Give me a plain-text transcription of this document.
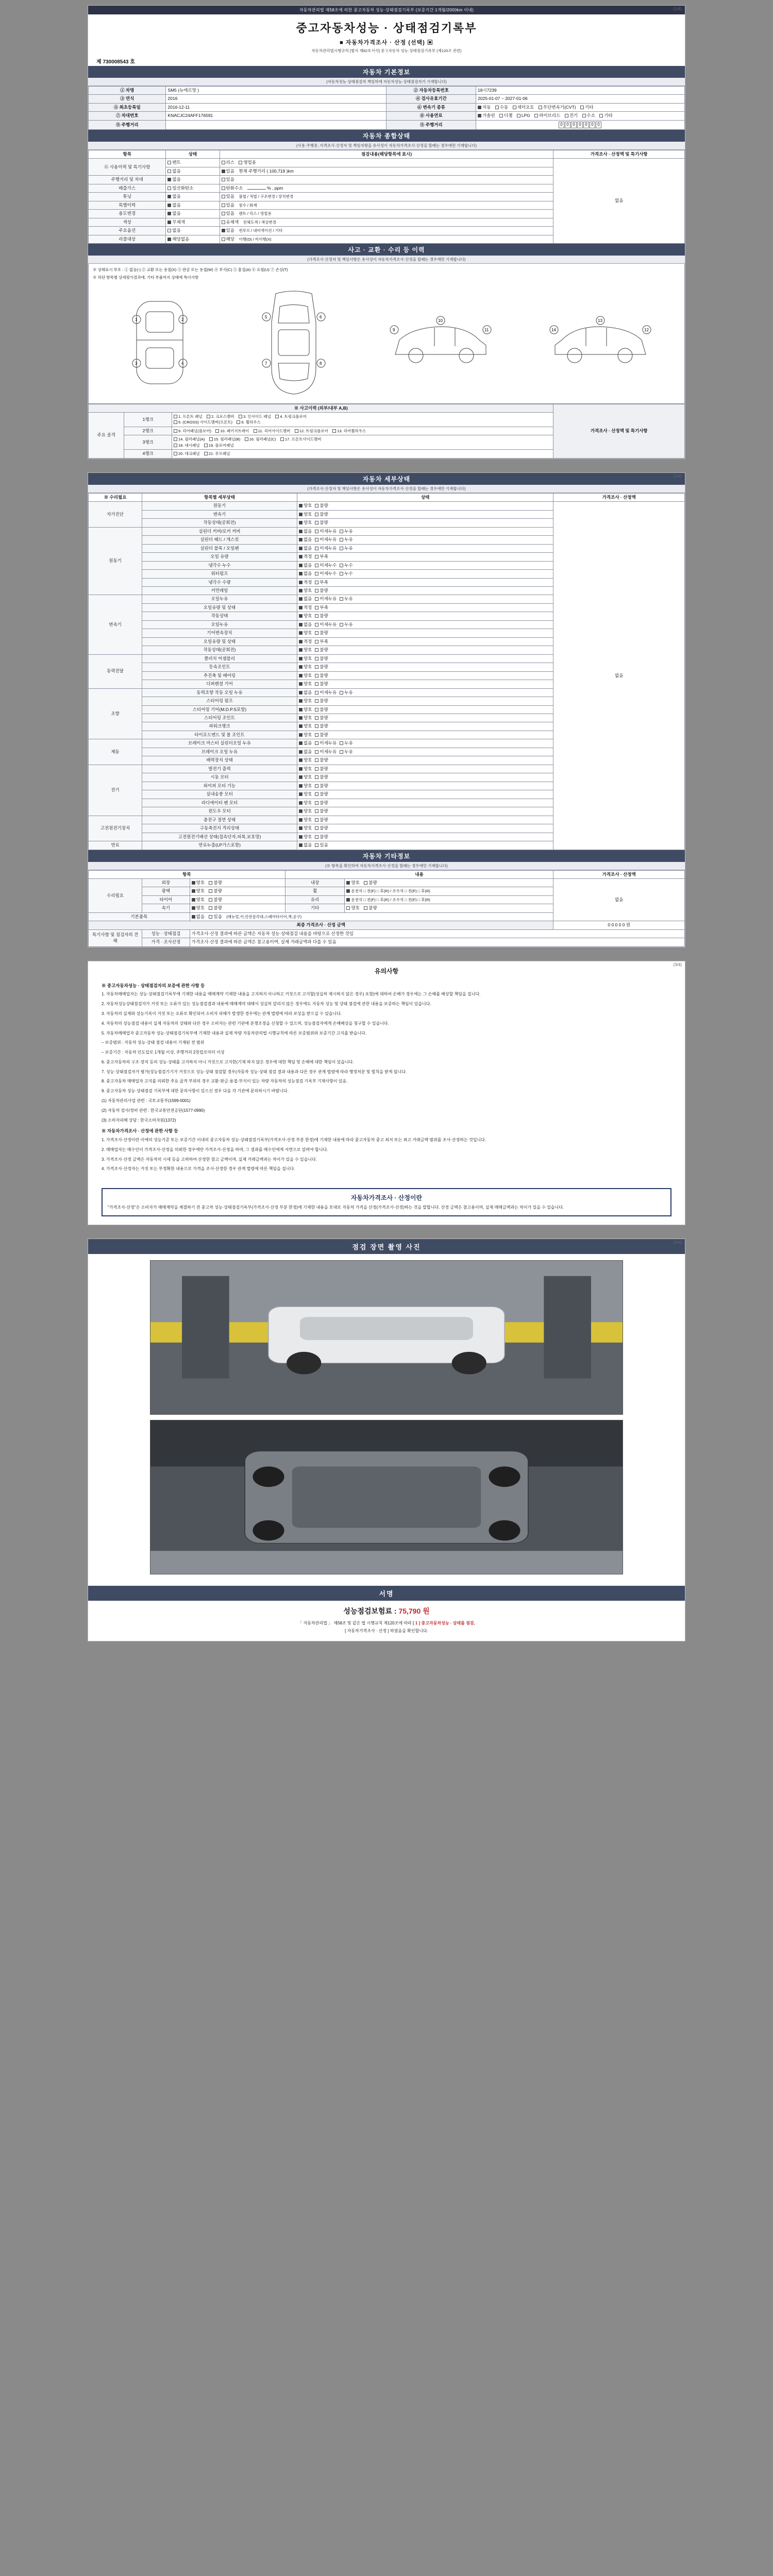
(1/4)
자동차관리법 제58조에 의한 중고자동차 성능·상태점검기록부 (보증기간 1개월/2000km 이내)
중고자동차성능 · 상태점검기록부
■ 자동차가격조사 · 산정 (선택) ▣
자동차관리법시행규칙 [별지 제82호서식] 중고자동차 성능·상태점검기록부 (제120조 관련)
제 730008543 호
자동차 기본정보
(자동차성능·상태점검자 책임하에 자동차성능·상태점검자가 기재합니다)
① 차명	SM5 (뉴에르망 )	② 자동차등록번호	18시7239
③ 연식	2016	④ 검사유효기간	2025-01-07 ~ 2027-01-06
⑤ 최초등록일	2016-12-11	⑥ 변속기 종류	자동 수동 세미오토 무단변속기(CVT) 기타
⑦ 차대번호	KNACJC24AFF176591	⑧ 사용연료	가솔린 디젤 LPG 하이브리드 전기 수소 기타
⑨ 주행거리		⑨ 주행거리	0 0 0 0 0 0 0
자동차 종합상태
(사용·주행중, 가격조사·산정자 및 책임자항을 유사성이 자동차가격조사·산정을 할때는 경우에만 기재합니다)
항목	상태	점검내용(해당항목에 표시)	가격조사 · 산정액 및 특기사항
⑪ 사용이력 및 특기사항	렌트	리스 영업용	없음

	없음	있음 현재 주행거리 ( 100,719 )km	
주행거리 및 차대	없음	있음	
배출가스	일산화탄소	탄화수소 % , ppm	
튜닝	없음	있음 불법 / 적법 / 구조변경 / 장치변경	
특별이력	없음	있음 침수 / 화재	
용도변경	없음	있음 렌트 / 리스 / 영업용	
색상	무채색	유채색 전체도색 / 색상변경	
주요옵션	없음	있음 썬루프 / 내비게이션 / 기타	
리콜대상	해당없음	해당 이행(O) / 미이행(X)	
사고 · 교환 · 수리 등 이력
(가격조사·산정자 및 책임사항은 유사성이 자동차가격조사·산정을 할때는 경우에만 기재합니다)
※ 상태표시 부호 : ① 없음(-) ② 교환 또는 용접(X) ③ 판금 또는 용접(W) ④ 부식(C) ⑤ 흠집(A) ⑥ 요철(U) ⑦ 손상(T)
※ 하단 항목별 상세평가결과에, 기타 부품까지 상태에 특이사항
1	2
3	4
5	6
7	8
9
10
11	12
13
14
※ 사고이력 (외부/내부 A,B)			가격조사 · 산정액 및 특기사항
주요 골격	1랭크	1. 프론트 패널 2. 크로스멤버 3. 인사이드 패널 4. 트렁크플로어
5. (CROSS) 사이드멤버(프론트) 6. 휠하우스	
	2랭크	9. 리어패널(플로어) 10. 패키지트레이 11. 리어사이드멤버 12. 트렁크플로어 13. 리어휠하우스	
	3랭크	14. 필러패널(A) 15. 필러패널(B) 16. 필러패널(C) 17. 프론트사이드멤버
18. 대시패널 19. 플로어패널	
	4랭크	20. 데크패널 21. 루프패널	
(2/4)
자동차 세부상태
(가격조사·산정자 및 책임사항은 유사성이 자동차가격조사·산정을 할때는 경우에만 기재합니다)
※ 수리필요	항목별 세부상태	상태	가격조사 · 산정액
자가진단	원동기	양호 불량	없음
	변속기	양호 불량	
	작동상태(공회전)	양호 불량	
원동기	실린더 커버/로커 커버	없음 미세누유 누유	
	실린더 헤드 / 개스킷	없음 미세누유 누유	
	실린더 블록 / 오일팬	없음 미세누유 누유	
	오일 유량	적정 부족	
	냉각수 누수	없음 미세누수 누수	
	워터펌프	없음 미세누수 누수	
	냉각수 수량	적정 부족	
	커먼레일	양호 불량	
변속기	오일누유	없음 미세누유 누유	
	오일유량 및 상태	적정 부족	
	작동상태	양호 불량	
	오일누유	없음 미세누유 누유	
	기어변속장치	양호 불량	
	오일유량 및 상태	적정 부족	
	작동상태(공회전)	양호 불량	
동력전달	클러치 어셈블리	양호 불량	
	등속조인트	양호 불량	
	추진축 및 베어링	양호 불량	
	디퍼렌셜 기어	양호 불량	
조향	동력조향 작동 오일 누유	없음 미세누유 누유	
	스티어링 펌프	양호 불량	
	스티어링 기어(M.D.P.S포함)	양호 불량	
	스티어링 조인트	양호 불량	
	파워크랭크	양호 불량	
	타이로드엔드 및 볼 조인트	양호 불량	
제동	브레이크 마스터 실린더오일 누유	없음 미세누유 누유	
	브레이크 오일 누유	없음 미세누유 누유	
	배력장치 상태	양호 불량	
전기	발전기 출력	양호 불량	
	시동 모터	양호 불량	
	와이퍼 모터 기능	양호 불량	
	실내송풍 모터	양호 불량	
	라디에이터 팬 모터	양호 불량	
	윈도우 모터	양호 불량	
고전원전기장치	충전구 절연 상태	양호 불량	
	구동축전지 격리상태	양호 불량	
	고전원전기배선 상태(접속단자,피복,보호망)	양호 불량	
연료	연료누출(LP가스포함)	없음 있음	
자동차 기타정보
(※ 항목을 확인하여 자동차가격조사·산정을 할때는 경우에만 기재합니다)
항목			내용		가격조사 · 산정액
수리필요	외장	양호 불량	내장	양호 불량	없음
	광택	양호 불량	휠	운전석 □ 전(F) □ 후(R) / 조수석 □ 전(F) □ 후(R)	
	타이어	양호 불량	유리	운전석 □ 전(F) □ 후(R) / 조수석 □ 전(F) □ 후(R)	
	속기	양호 불량	기타	양호 불량	
기본품목		없음 있음 (매뉴얼,키,안전삼각대,스페어타이어,잭,공구)			
최종 가격조사 · 산정 금액					0 0 0 0 0 원
특기사항 및 점검자의 견해	성능 · 상태점검	가격조사·산정 결과에 따른 금액은 자동차 성능·상태점검 내용을 바탕으로 산정한 것임			
	가격 · 조사산정	가격조사·산정 결과에 따른 금액은 참고용이며, 실제 거래금액과 다를 수 있음			
(3/4)
유의사항
※ 중고자동차성능 · 상태점검자의 보증에 관한 사항 등

1. 자동차매매업자는 성능·상태점검기록부에 기재한 내용을 매매계약 기재한 내용을 고지하지 아니하고 거짓으로 고지할(성실히 제시하지 않은 경우) 포함)에 대하여 손해가 경우에는 그 손해를 배상할 책임을 집니다.

2. 자동차성능상태점검자가 거짓 또는 오류가 있는 성능점검결과 내용에 매매계약 대해서 성실히 알리지 않은 경우에도 자동차 성능 및 상태 점검에 관한 내용을 보증하는 책임이 있습니다.

3. 자동차의 실제와 성능기록이 거짓 또는 오류로 확인되어 소비자 피해가 발생한 경우에는 관계 법령에 따라 보상을 받으실 수 있습니다.

4. 자동차의 성능점검 내용이 실제 자동차의 상태와 다른 경우 소비자는 관련 기관에 분쟁조정을 신청할 수 있으며, 성능점검자에게 손해배상을 청구할 수 있습니다.

5. 자동차매매업자 중고자동차 성능·상태점검기록부에 기재한 내용과 실제 차량 자동차관리법 시행규칙에 따른 보증범위와 보증기간 고지를 받습니다.

– 보증범위 : 자동차 성능·상태 점검 내용이 기재된 전 범위

– 보증기간 : 자동차 인도일로 1개월 이상, 주행거리 2천킬로미터 이상

6. 중고자동차의 구조·장치 등의 성능·상태를 고지하지 아니 거짓으로 고지한(기재 하지 않은 경우에 대한 책임 및 손해에 대한 책임이 있습니다.

7. 성능·상태점검자가 평가(성능점검기기가 거짓으로 성능·상태 점검할 경우(자동차 성능·상태 점검 결과 내용과 다른 경우 관계 법령에 따라 행정처분 및 벌칙을 받게 됩니다.

8. 중고자동차 매매업자 고지를 의뢰한 주요 골격 부위의 경우 교환·판금·용접·부식이 있는 차량 자동차의 성능점검 기록부 기재사항이 있음.

9. 중고자동차 성능·상태점검 기록부에 대한 문의사항이 있으신 경우 다음 각 기관에 문의하시기 바랍니다.

(1) 자동차관리사업 관련 : 국토교통부(1599-0001)

(2) 자동차 검사/정비 관련 : 한국교통안전공단(1577-0990)

(3) 소비자피해 상담 : 한국소비자원(1372)

※ 자동차가격조사 · 산정에 관한 사항 등

1. 가격조사·산정이란 이에의 성능기준 또는 보증기간 이내의 중고자동차 성능·상태점검기록부(가격조사·산정 부분 한정)에 기재한 내용에 따라 중고자동차 중고 최저 또는 최고 거래금액 범위를 조사·산정하는 것입니다.

2. 매매업자는 매수인이 가격조사·산정을 의뢰한 경우에만 가격조사·산정을 하며, 그 결과를 매수인에게 서면으로 알려야 합니다.

3. 가격조사·산정 금액은 자동차의 시세 등을 고려하여 산정한 참고 금액이며, 실제 거래금액과는 차이가 있을 수 있습니다.

4. 가격조사·산정자는 거짓 또는 부정확한 내용으로 가격을 조사·산정한 경우 관계 법령에 따른 책임을 집니다.

자동차가격조사 · 산정이란
"가격조사·산정"은 소비자가 매매계약을 체결하기 전 중고차 성능·상태점검기록부(가격조사·산정 부분 한정)에 기재한 내용을 토대로 자동차 가격을 산정(가격조사·산정)하는 것을 말합니다. 산정 금액은 참고용이며, 실제 매매금액과는 차이가 있을 수 있습니다.
(4/4)
점검 장면 촬영 사진
서명
성능점검보험료 : 75,790 원
「 자동차관리법 」 제58조 및 같은 법 시행규칙 제120조에 따라 [ 1 ] 중고자동차성능 · 상태를 점검,
[ 자동차가격조사 · 산정 ] 하였음을 확인합니다.
